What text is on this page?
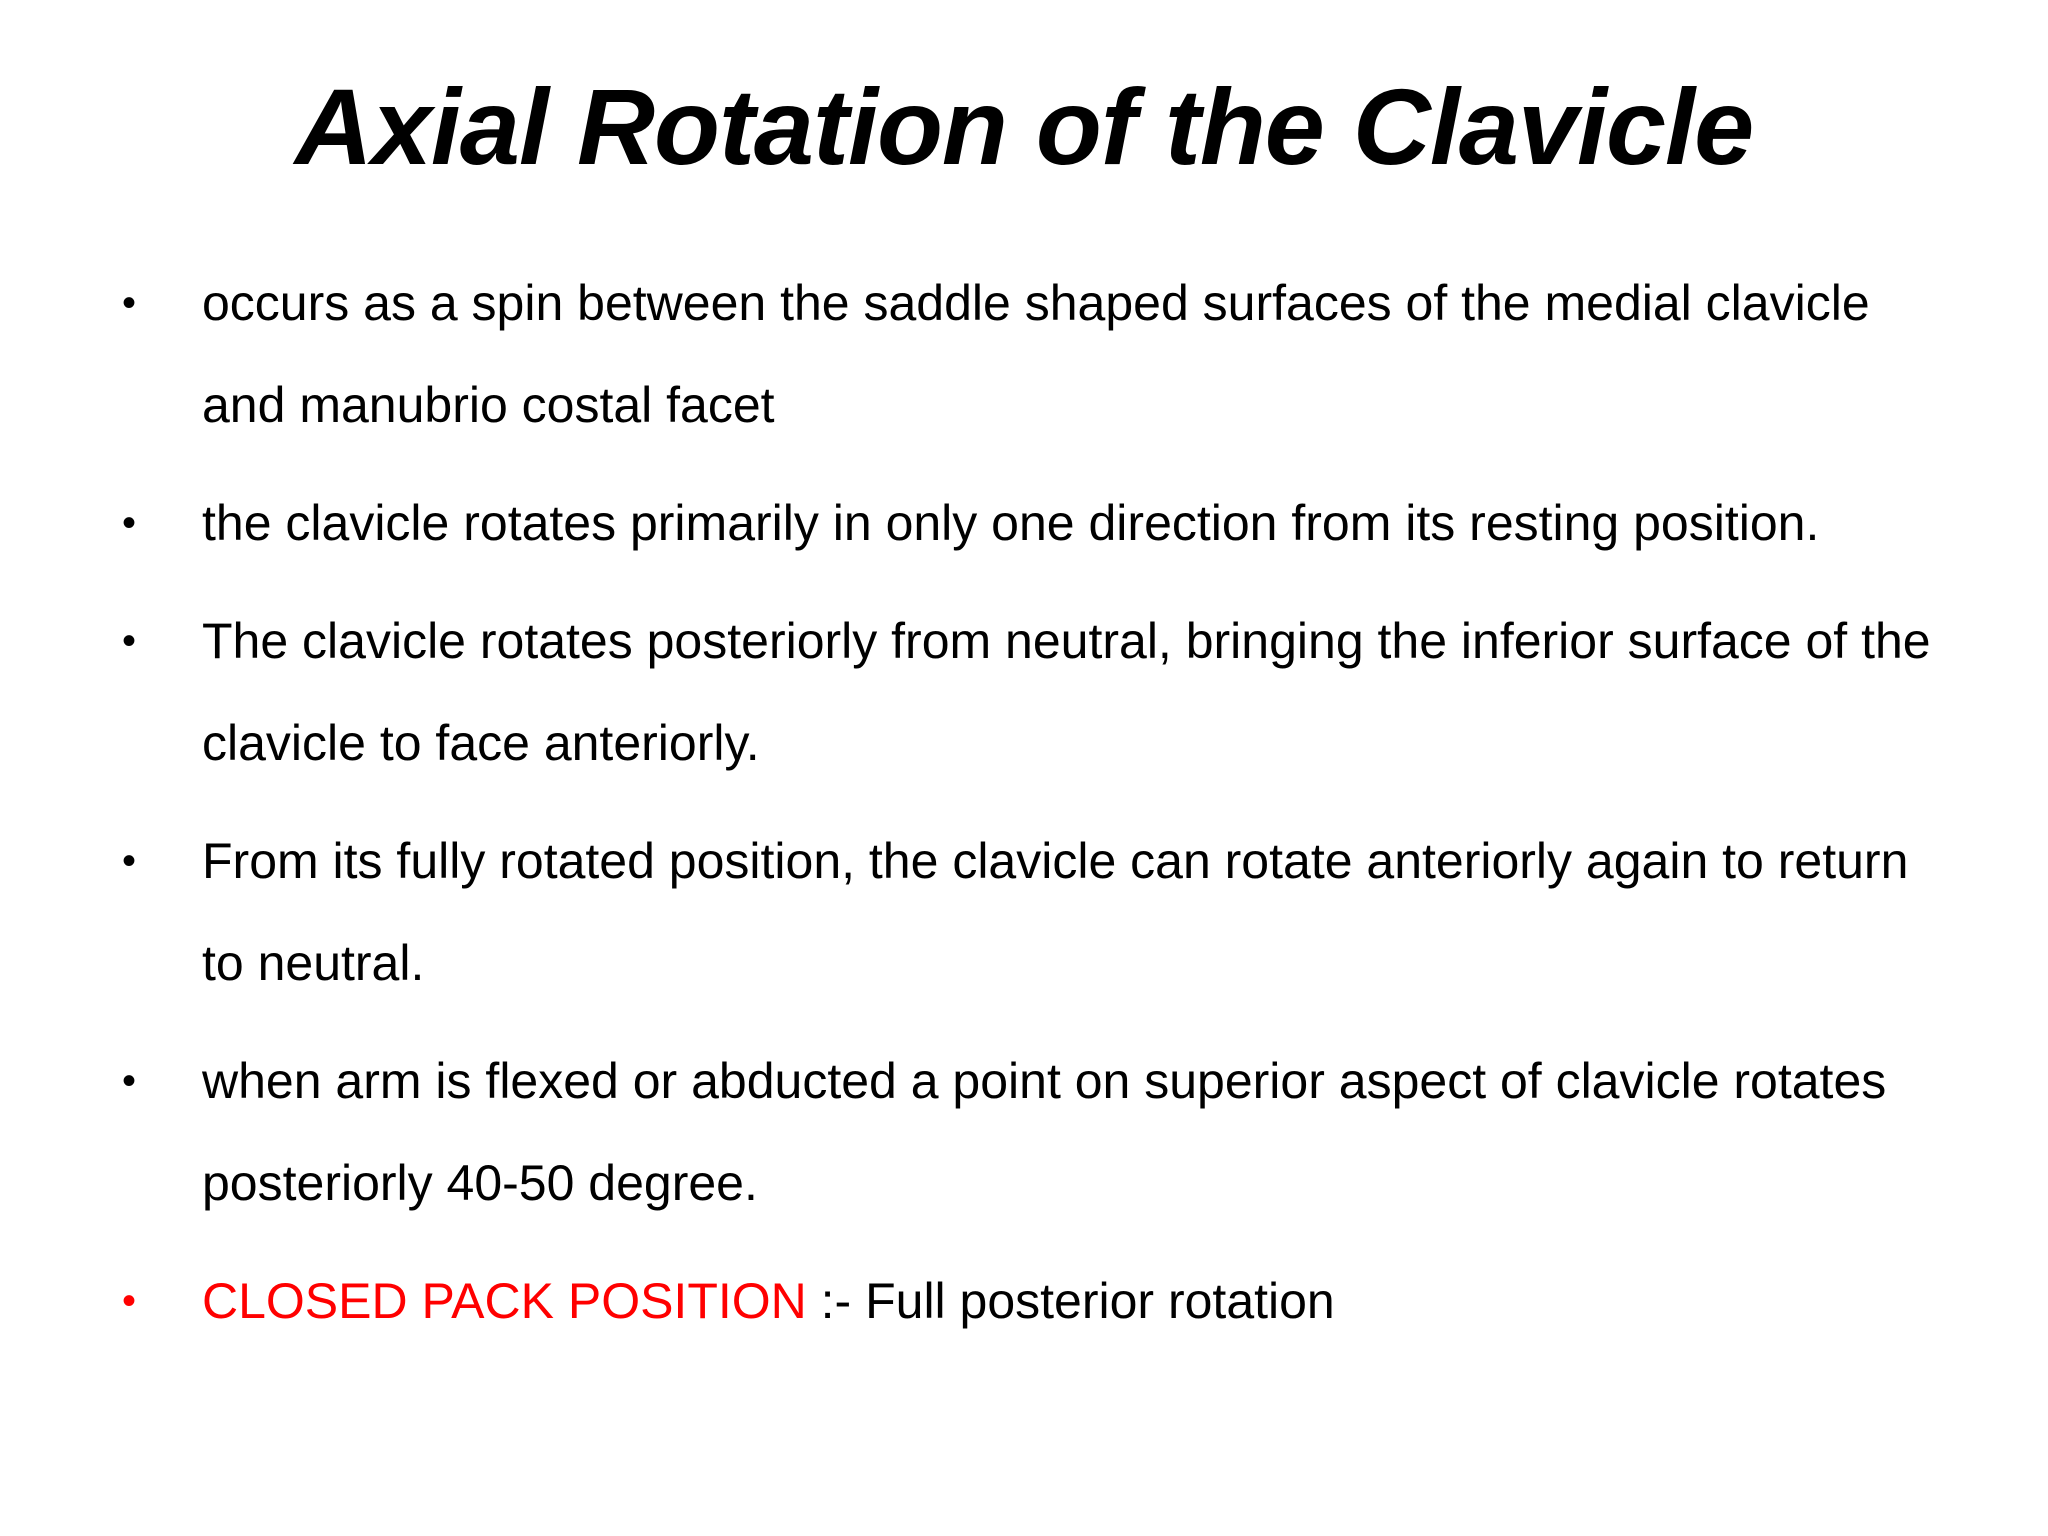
Axial Rotation of the Clavicle
• occurs as a spin between the saddle shaped surfaces of the medial clavicle and manubrio costal facet
• the clavicle rotates primarily in only one direction from its resting position.
• The clavicle rotates posteriorly from neutral, bringing the inferior surface of the clavicle to face anteriorly.
• From its fully rotated position, the clavicle can rotate anteriorly again to return to neutral.
• when arm is flexed or abducted a point on superior aspect of clavicle rotates posteriorly 40-50 degree.
• CLOSED PACK POSITION :- Full posterior rotation
